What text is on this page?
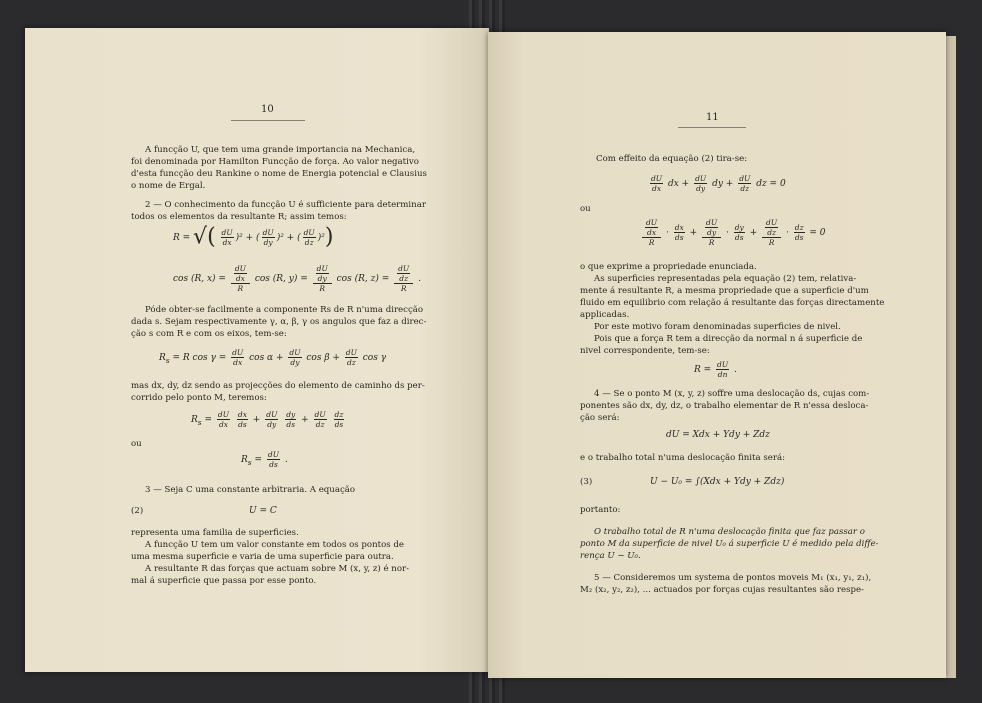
10
A funcção U, que tem uma grande importancia na Mechanica,
foi denominada por Hamilton Funcção de força. Ao valor negativo
d'esta funcção deu Rankine o nome de Energia potencial e Clausius
o nome de Ergal.
2 — O conhecimento da funcção U é sufficiente para determinar
todos os elementos da resultante R; assim temos:
R = √( $\frac{dU}{dx} )^2$ + ( $\frac{dU}{dy} )^2$ + ( $\frac{dU}{dz} )^2$)
cos (R, x) = dU
dx
R cos (R, y) = dU
dy
R cos (R, z) = dU
dz
R .
Póde obter-se facilmente a componente Rs de R n'uma direcção
dada s. Sejam respectivamente γ, α, β, γ os angulos que faz a direc-
ção s com R e com os eixos, tem-se:
$R_s = R$ $\cos \gamma = \frac{dU}{dx}$ $\cos \alpha + \frac{dU}{dy}$ $\cos \beta + \frac{dU}{dz}$ cos γ
mas dx, dy, dz sendo as projecções do elemento de caminho ds per-
corrido pelo ponto M, teremos:
$R_s = \frac{dU}{dx}$
$\frac{dx}{ds} + \frac{dU}{dy}$
$\frac{dy}{ds} + \frac{dU}{dz}$
$\frac{dz}{ds}$
ou
$R_s = \frac{dU}{ds}$ .
3 — Seja C uma constante arbitraria. A equação
(2)	U = C
representa uma familia de superficies.
A funcção U tem um valor constante em todos os pontos de
uma mesma superficie e varia de uma superficie para outra.
A resultante R das forças que actuam sobre M (x, y, z) é nor-
mal á superficie que passa por esse ponto.
11
Com effeito da equação (2) tira-se:
$\frac{dU}{dx}$ dx + $\frac{dU}{dy}$ dy + $\frac{dU}{dz}$ dz = 0
ou
dU
dx
$R \cdot \frac{dx}{ds}$ + dU
dy
$R \cdot \frac{dy}{ds}$ + dU
dz
$R \cdot \frac{dz}{ds} = 0$
o que exprime a propriedade enunciada.
As superficies representadas pela equação (2) tem, relativa-
mente á resultante R, a mesma propriedade que a superficie d'um
fluido em equilibrio com relação á resultante das forças directamente
applicadas.
Por este motivo foram denominadas superficies de nivel.
Pois que a força R tem a direcção da normal n á superficie de
nivel correspondente, tem-se:
$R = \frac{dU}{dn}$ .
4 — Se o ponto M (x, y, z) soffre uma deslocação ds, cujas com-
ponentes são dx, dy, dz, o trabalho elementar de R n'essa desloca-
ção será:
dU = Xdx + Ydy + Zdz
e o trabalho total n'uma deslocação finita será:
(3)	U − U₀ = ∫(Xdx + Ydy + Zdz)
portanto:
O trabalho total de R n'uma deslocação finita que faz passar o
ponto M da superficie de nivel U₀ á superficie U é medido pela diffe-
rença U − U₀.
5 — Consideremos um systema de pontos moveis M₁ (x₁, y₁, z₁),
M₂ (x₂, y₂, z₂), ... actuados por forças cujas resultantes são respe-
